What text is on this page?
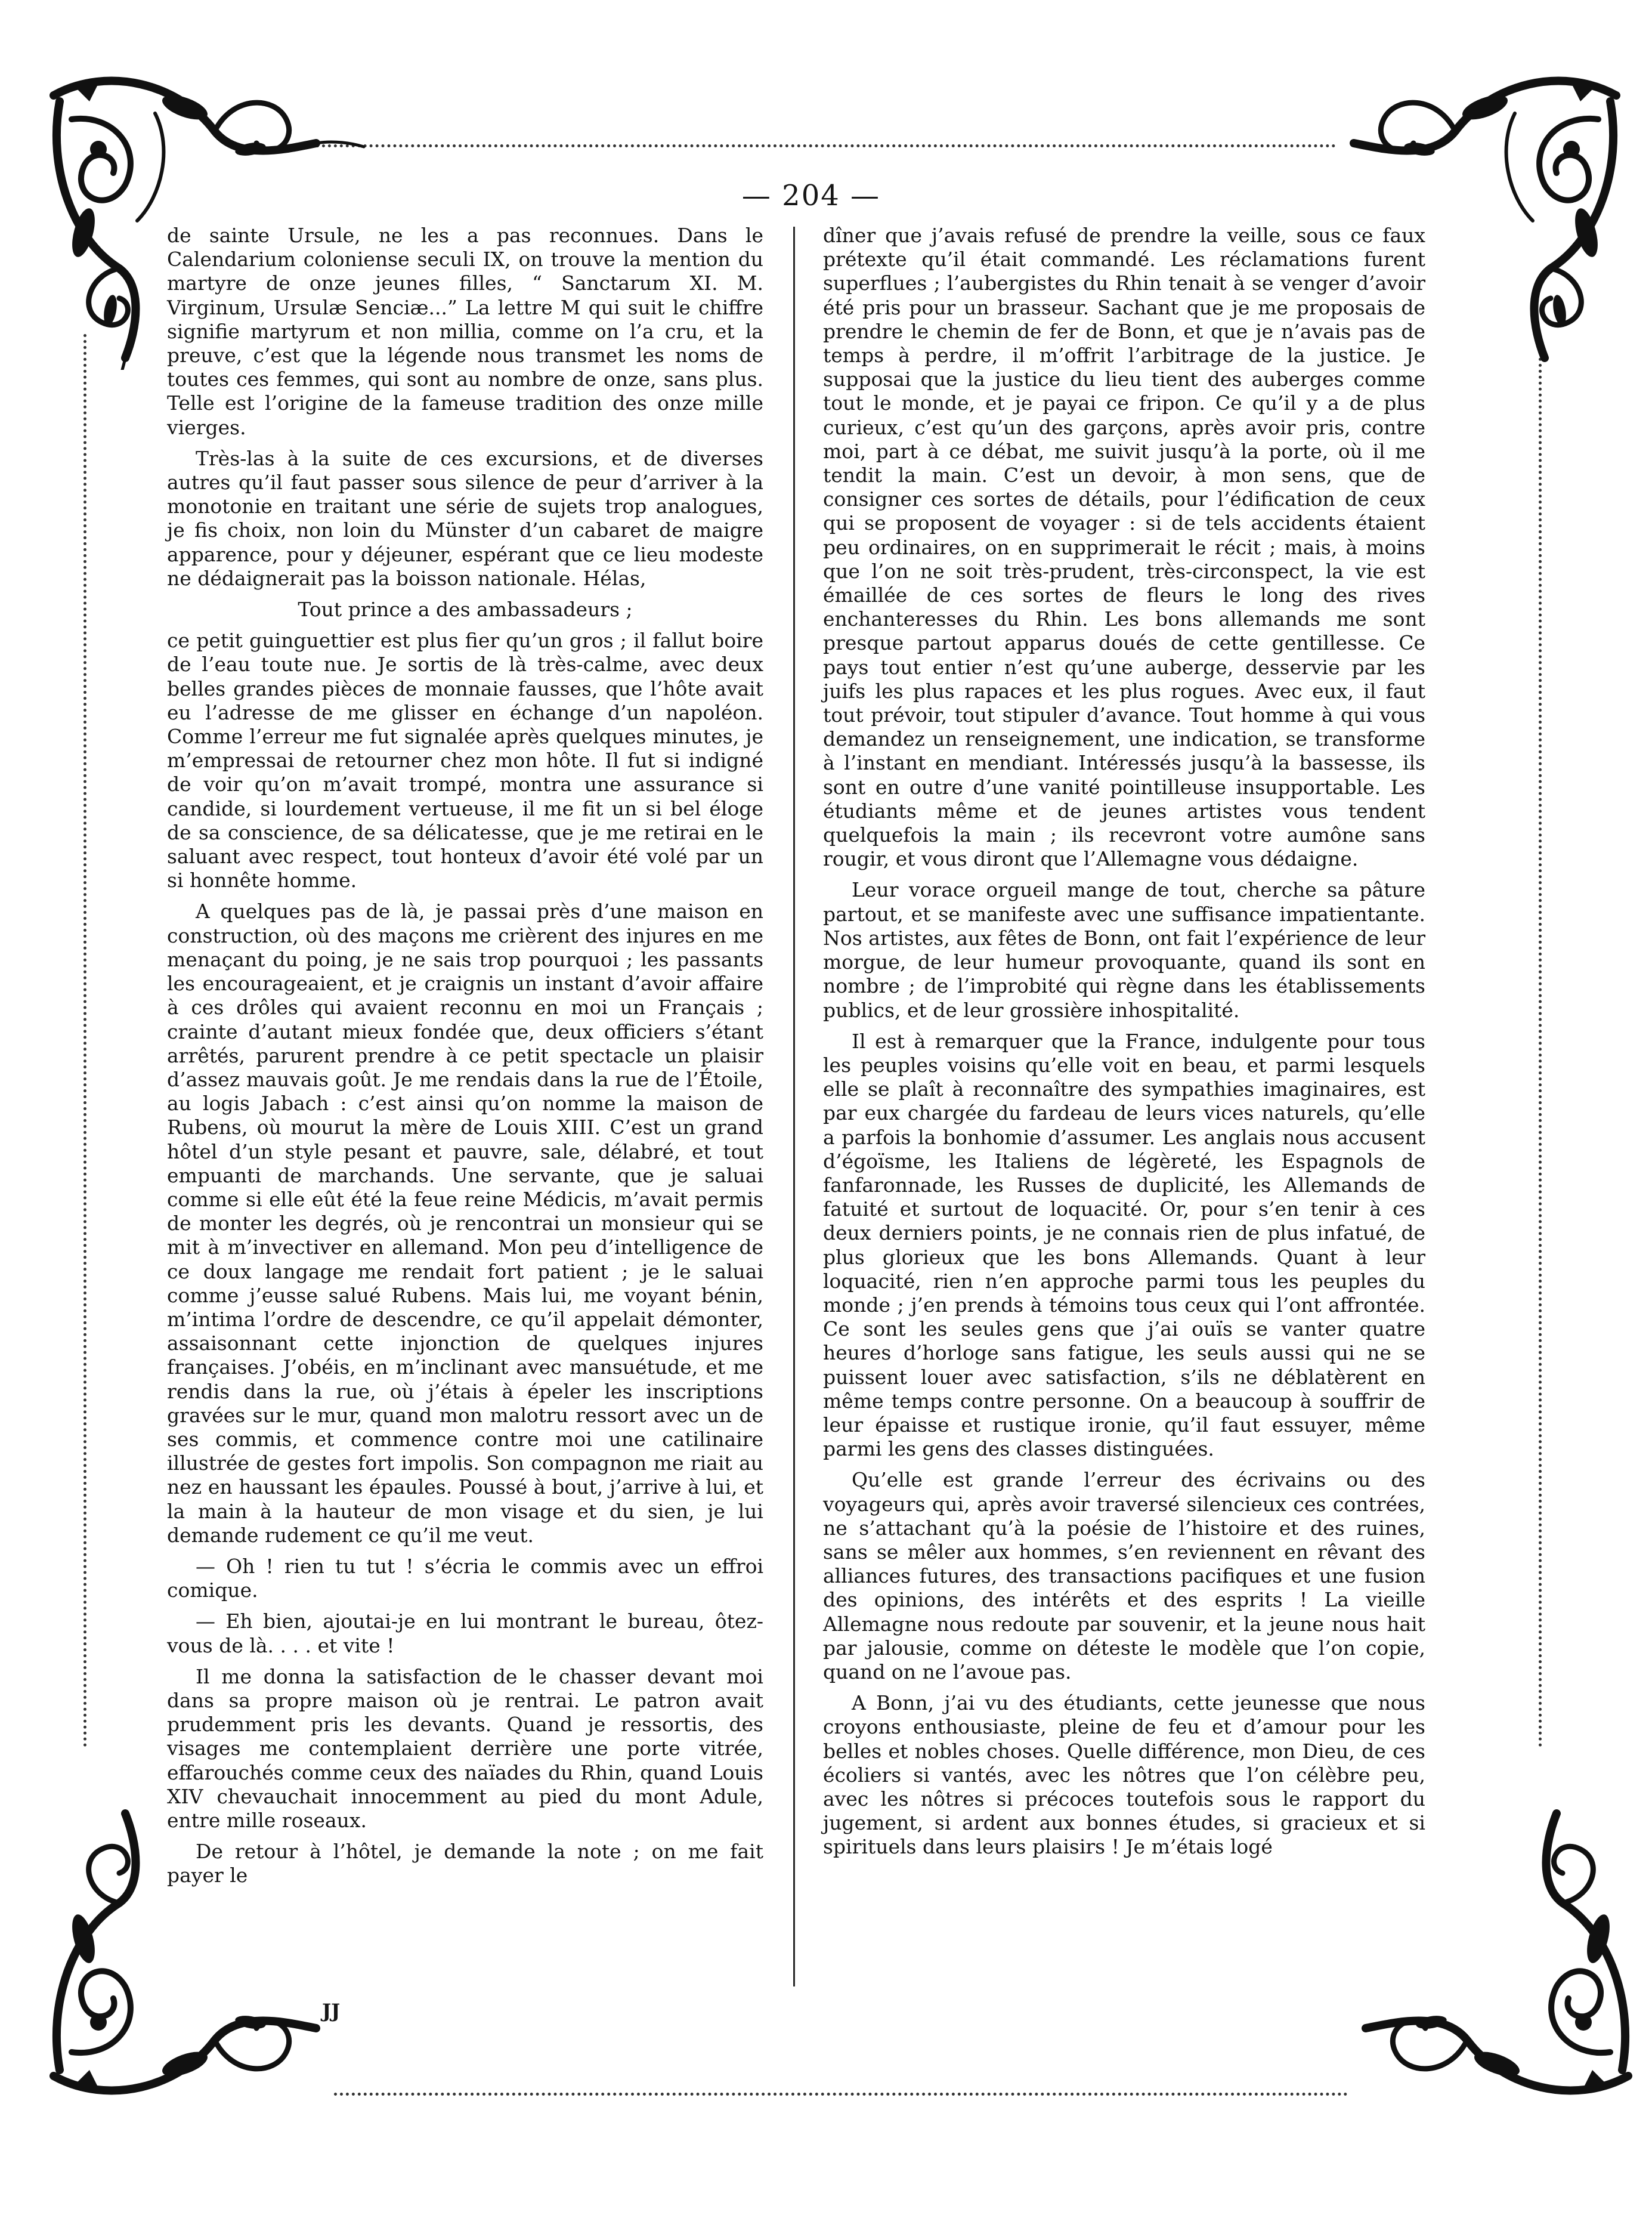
— 204 —

de sainte Ursule, ne les a pas reconnues. Dans le Calendarium coloniense seculi IX, on trouve la mention du martyre de onze jeunes filles, “ Sanctarum XI. M. Virginum, Ursulæ Senciæ...” La lettre M qui suit le chiffre signifie martyrum et non millia, comme on l’a cru, et la preuve, c’est que la légende nous transmet les noms de toutes ces femmes, qui sont au nombre de onze, sans plus. Telle est l’origine de la fameuse tradition des onze mille vierges.

Très-las à la suite de ces excursions, et de diverses autres qu’il faut passer sous silence de peur d’arriver à la monotonie en traitant une série de sujets trop analogues, je fis choix, non loin du Münster d’un cabaret de maigre apparence, pour y déjeuner, espérant que ce lieu modeste ne dédaignerait pas la boisson nationale. Hélas,

Tout prince a des ambassadeurs ;

ce petit guinguettier est plus fier qu’un gros ; il fallut boire de l’eau toute nue. Je sortis de là très-calme, avec deux belles grandes pièces de monnaie fausses, que l’hôte avait eu l’adresse de me glisser en échange d’un napoléon. Comme l’erreur me fut signalée après quelques minutes, je m’empressai de retourner chez mon hôte. Il fut si indigné de voir qu’on m’avait trompé, montra une assurance si candide, si lourdement vertueuse, il me fit un si bel éloge de sa conscience, de sa délicatesse, que je me retirai en le saluant avec respect, tout honteux d’avoir été volé par un si honnête homme.

A quelques pas de là, je passai près d’une maison en construction, où des maçons me crièrent des injures en me menaçant du poing, je ne sais trop pourquoi ; les passants les encourageaient, et je craignis un instant d’avoir affaire à ces drôles qui avaient reconnu en moi un Français ; crainte d’autant mieux fondée que, deux officiers s’étant arrêtés, parurent prendre à ce petit spectacle un plaisir d’assez mauvais goût. Je me rendais dans la rue de l’Étoile, au logis Jabach : c’est ainsi qu’on nomme la maison de Rubens, où mourut la mère de Louis XIII. C’est un grand hôtel d’un style pesant et pauvre, sale, délabré, et tout empuanti de marchands. Une servante, que je saluai comme si elle eût été la feue reine Médicis, m’avait permis de monter les degrés, où je rencontrai un monsieur qui se mit à m’invectiver en allemand. Mon peu d’intelligence de ce doux langage me rendait fort patient ; je le saluai comme j’eusse salué Rubens. Mais lui, me voyant bénin, m’intima l’ordre de descendre, ce qu’il appelait démonter, assaisonnant cette injonction de quelques injures françaises. J’obéis, en m’inclinant avec mansuétude, et me rendis dans la rue, où j’étais à épeler les inscriptions gravées sur le mur, quand mon malotru ressort avec un de ses commis, et commence contre moi une catilinaire illustrée de gestes fort impolis. Son compagnon me riait au nez en haussant les épaules. Poussé à bout, j’arrive à lui, et la main à la hauteur de mon visage et du sien, je lui demande rudement ce qu’il me veut.

— Oh ! rien tu tut ! s’écria le commis avec un effroi comique.

— Eh bien, ajoutai-je en lui montrant le bureau, ôtez-vous de là. . . . et vite !

Il me donna la satisfaction de le chasser devant moi dans sa propre maison où je rentrai. Le patron avait prudemment pris les devants. Quand je ressortis, des visages me contemplaient derrière une porte vitrée, effarouchés comme ceux des naïades du Rhin, quand Louis XIV chevauchait innocemment au pied du mont Adule, entre mille roseaux.

De retour à l’hôtel, je demande la note ; on me fait payer le

dîner que j’avais refusé de prendre la veille, sous ce faux prétexte qu’il était commandé. Les réclamations furent superflues ; l’aubergistes du Rhin tenait à se venger d’avoir été pris pour un brasseur. Sachant que je me proposais de prendre le chemin de fer de Bonn, et que je n’avais pas de temps à perdre, il m’offrit l’arbitrage de la justice. Je supposai que la justice du lieu tient des auberges comme tout le monde, et je payai ce fripon. Ce qu’il y a de plus curieux, c’est qu’un des garçons, après avoir pris, contre moi, part à ce débat, me suivit jusqu’à la porte, où il me tendit la main. C’est un devoir, à mon sens, que de consigner ces sortes de détails, pour l’édification de ceux qui se proposent de voyager : si de tels accidents étaient peu ordinaires, on en supprimerait le récit ; mais, à moins que l’on ne soit très-prudent, très-circonspect, la vie est émaillée de ces sortes de fleurs le long des rives enchanteresses du Rhin. Les bons allemands me sont presque partout apparus doués de cette gentillesse. Ce pays tout entier n’est qu’une auberge, desservie par les juifs les plus rapaces et les plus rogues. Avec eux, il faut tout prévoir, tout stipuler d’avance. Tout homme à qui vous demandez un renseignement, une indication, se transforme à l’instant en mendiant. Intéressés jusqu’à la bassesse, ils sont en outre d’une vanité pointilleuse insupportable. Les étudiants même et de jeunes artistes vous tendent quelquefois la main ; ils recevront votre aumône sans rougir, et vous diront que l’Allemagne vous dédaigne.

Leur vorace orgueil mange de tout, cherche sa pâture partout, et se manifeste avec une suffisance impatientante. Nos artistes, aux fêtes de Bonn, ont fait l’expérience de leur morgue, de leur humeur provoquante, quand ils sont en nombre ; de l’improbité qui règne dans les établissements publics, et de leur grossière inhospitalité.

Il est à remarquer que la France, indulgente pour tous les peuples voisins qu’elle voit en beau, et parmi lesquels elle se plaît à reconnaître des sympathies imaginaires, est par eux chargée du fardeau de leurs vices naturels, qu’elle a parfois la bonhomie d’assumer. Les anglais nous accusent d’égoïsme, les Italiens de légèreté, les Espagnols de fanfaronnade, les Russes de duplicité, les Allemands de fatuité et surtout de loquacité. Or, pour s’en tenir à ces deux derniers points, je ne connais rien de plus infatué, de plus glorieux que les bons Allemands. Quant à leur loquacité, rien n’en approche parmi tous les peuples du monde ; j’en prends à témoins tous ceux qui l’ont affrontée. Ce sont les seules gens que j’ai ouïs se vanter quatre heures d’horloge sans fatigue, les seuls aussi qui ne se puissent louer avec satisfaction, s’ils ne déblatèrent en même temps contre personne. On a beaucoup à souffrir de leur épaisse et rustique ironie, qu’il faut essuyer, même parmi les gens des classes distinguées.

Qu’elle est grande l’erreur des écrivains ou des voyageurs qui, après avoir traversé silencieux ces contrées, ne s’attachant qu’à la poésie de l’histoire et des ruines, sans se mêler aux hommes, s’en reviennent en rêvant des alliances futures, des transactions pacifiques et une fusion des opinions, des intérêts et des esprits ! La vieille Allemagne nous redoute par souvenir, et la jeune nous hait par jalousie, comme on déteste le modèle que l’on copie, quand on ne l’avoue pas.

A Bonn, j’ai vu des étudiants, cette jeunesse que nous croyons enthousiaste, pleine de feu et d’amour pour les belles et nobles choses. Quelle différence, mon Dieu, de ces écoliers si vantés, avec les nôtres que l’on célèbre peu, avec les nôtres si précoces toutefois sous le rapport du jugement, si ardent aux bonnes études, si gracieux et si spirituels dans leurs plaisirs ! Je m’étais logé

JJ
